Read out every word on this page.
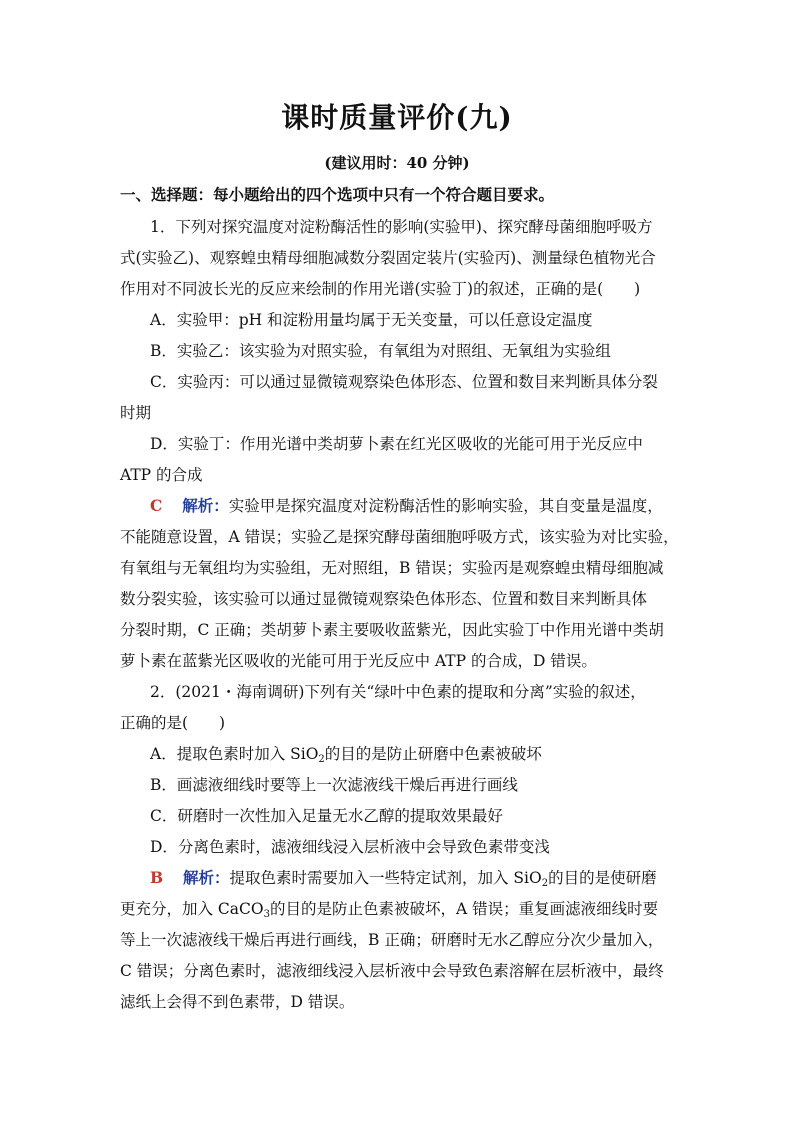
课时质量评价(九)
(建议用时：40 分钟)
一、选择题：每小题给出的四个选项中只有一个符合题目要求。
1．下列对探究温度对淀粉酶活性的影响(实验甲)、探究酵母菌细胞呼吸方
式(实验乙)、观察蝗虫精母细胞减数分裂固定装片(实验丙)、测量绿色植物光合
作用对不同波长光的反应来绘制的作用光谱(实验丁)的叙述，正确的是(　　)
A．实验甲：pH 和淀粉用量均属于无关变量，可以任意设定温度
B．实验乙：该实验为对照实验，有氧组为对照组、无氧组为实验组
C．实验丙：可以通过显微镜观察染色体形态、位置和数目来判断具体分裂
时期
D．实验丁：作用光谱中类胡萝卜素在红光区吸收的光能可用于光反应中
ATP 的合成
C 解析：实验甲是探究温度对淀粉酶活性的影响实验，其自变量是温度，
不能随意设置，A 错误；实验乙是探究酵母菌细胞呼吸方式，该实验为对比实验，
有氧组与无氧组均为实验组，无对照组，B 错误；实验丙是观察蝗虫精母细胞减
数分裂实验，该实验可以通过显微镜观察染色体形态、位置和数目来判断具体
分裂时期，C 正确；类胡萝卜素主要吸收蓝紫光，因此实验丁中作用光谱中类胡
萝卜素在蓝紫光区吸收的光能可用于光反应中 ATP 的合成，D 错误。
2．(2021・海南调研)下列有关“绿叶中色素的提取和分离”实验的叙述，
正确的是(　　)
A．提取色素时加入 SiO$_2$的目的是防止研磨中色素被破坏
B．画滤液细线时要等上一次滤液线干燥后再进行画线
C．研磨时一次性加入足量无水乙醇的提取效果最好
D．分离色素时，滤液细线浸入层析液中会导致色素带变浅
B 解析：提取色素时需要加入一些特定试剂，加入 SiO$_2$的目的是使研磨
更充分，加入 CaCO$_3$的目的是防止色素被破坏，A 错误；重复画滤液细线时要
等上一次滤液线干燥后再进行画线，B 正确；研磨时无水乙醇应分次少量加入，
C 错误；分离色素时，滤液细线浸入层析液中会导致色素溶解在层析液中，最终
滤纸上会得不到色素带，D 错误。
